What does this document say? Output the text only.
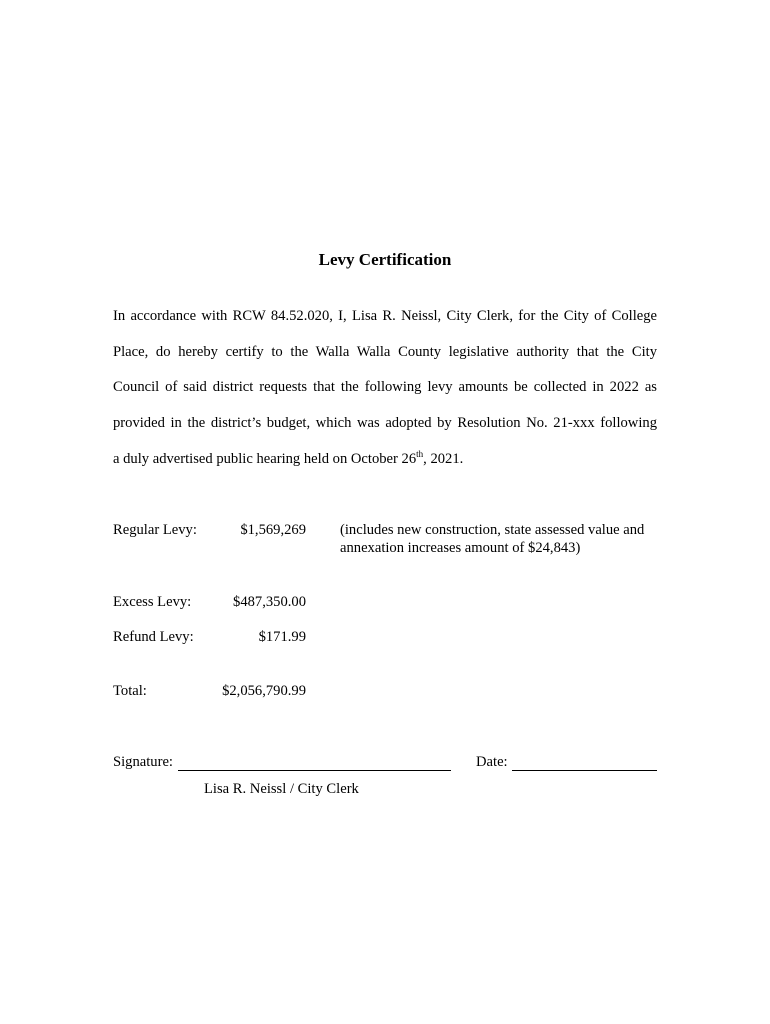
Levy Certification
In accordance with RCW 84.52.020, I, Lisa R. Neissl, City Clerk, for the City of College
Place, do hereby certify to the Walla Walla County legislative authority that the City
Council of said district requests that the following levy amounts be collected in 2022 as
provided in the district’s budget, which was adopted by Resolution No. 21-xxx following
a duly advertised public hearing held on October 26th, 2021.
Regular Levy:	$1,569,269 (includes new construction, state assessed value and annexation increases amount of $24,843)
Excess Levy:	$487,350.00
Refund Levy:	$171.99
Total:	$2,056,790.99
Signature:	Date:
Lisa R. Neissl / City Clerk
